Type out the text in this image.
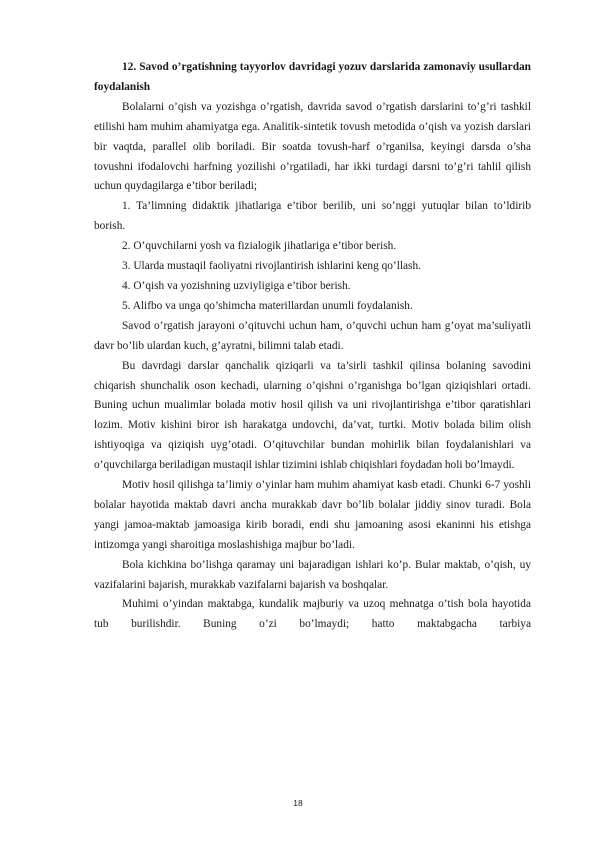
12. Savod o’rgatishning tayyorlov davridagi yozuv darslarida zamonaviy usullardan foydalanish

Bolalarni o’qish va yozishga o’rgatish, davrida savod o’rgatish darslarini to’g’ri tashkil etilishi ham muhim ahamiyatga ega. Analitik-sintetik tovush metodida o’qish va yozish darslari bir vaqtda, parallel olib boriladi. Bir soatda tovush-harf o’rganilsa, keyingi darsda o’sha tovushni ifodalovchi harfning yozilishi o’rgatiladi, har ikki turdagi darsni to’g’ri tahlil qilish uchun quydagilarga e’tibor beriladi;

1. Ta’limning didaktik jihatlariga e’tibor berilib, uni so’nggi yutuqlar bilan to’ldirib borish.

2. O’quvchilarni yosh va fizialogik jihatlariga e’tibor berish.

3. Ularda mustaqil faoliyatni rivojlantirish ishlarini keng qo’llash.

4. O’qish va yozishning uzviyligiga e’tibor berish.

5. Alifbo va unga qo’shimcha materillardan unumli foydalanish.

Savod o’rgatish jarayoni o’qituvchi uchun ham, o’quvchi uchun ham g’oyat ma’suliyatli davr bo’lib ulardan kuch, g’ayratni, bilimni talab etadi.

Bu davrdagi darslar qanchalik qiziqarli va ta’sirli tashkil qilinsa bolaning savodini chiqarish shunchalik oson kechadi, ularning o’qishni o’rganishga bo’lgan qiziqishlari ortadi. Buning uchun mualimlar bolada motiv hosil qilish va uni rivojlantirishga e’tibor qaratishlari lozim. Motiv kishini biror ish harakatga undovchi, da’vat, turtki. Motiv bolada bilim olish ishtiyoqiga va qiziqish uyg’otadi. O’qituvchilar bundan mohirlik bilan foydalanishlari va o’quvchilarga beriladigan mustaqil ishlar tizimini ishlab chiqishlari foydadan holi bo’lmaydi.

Motiv hosil qilishga ta’limiy o’yinlar ham muhim ahamiyat kasb etadi. Chunki 6-7 yoshli bolalar hayotida maktab davri ancha murakkab davr bo’lib bolalar jiddiy sinov turadi. Bola yangi jamoa-maktab jamoasiga kirib boradi, endi shu jamoaning asosi ekaninni his etishga intizomga yangi sharoitiga moslashishiga majbur bo’ladi.

Bola kichkina bo’lishga qaramay uni bajaradigan ishlari ko’p. Bular maktab, o’qish, uy vazifalarini bajarish, murakkab vazifalarni bajarish va boshqalar.

Muhimi o’yindan maktabga, kundalik majburiy va uzoq mehnatga o’tish bola hayotida tub burilishdir. Buning o’zi bo’lmaydi; hatto maktabgacha tarbiya

18
